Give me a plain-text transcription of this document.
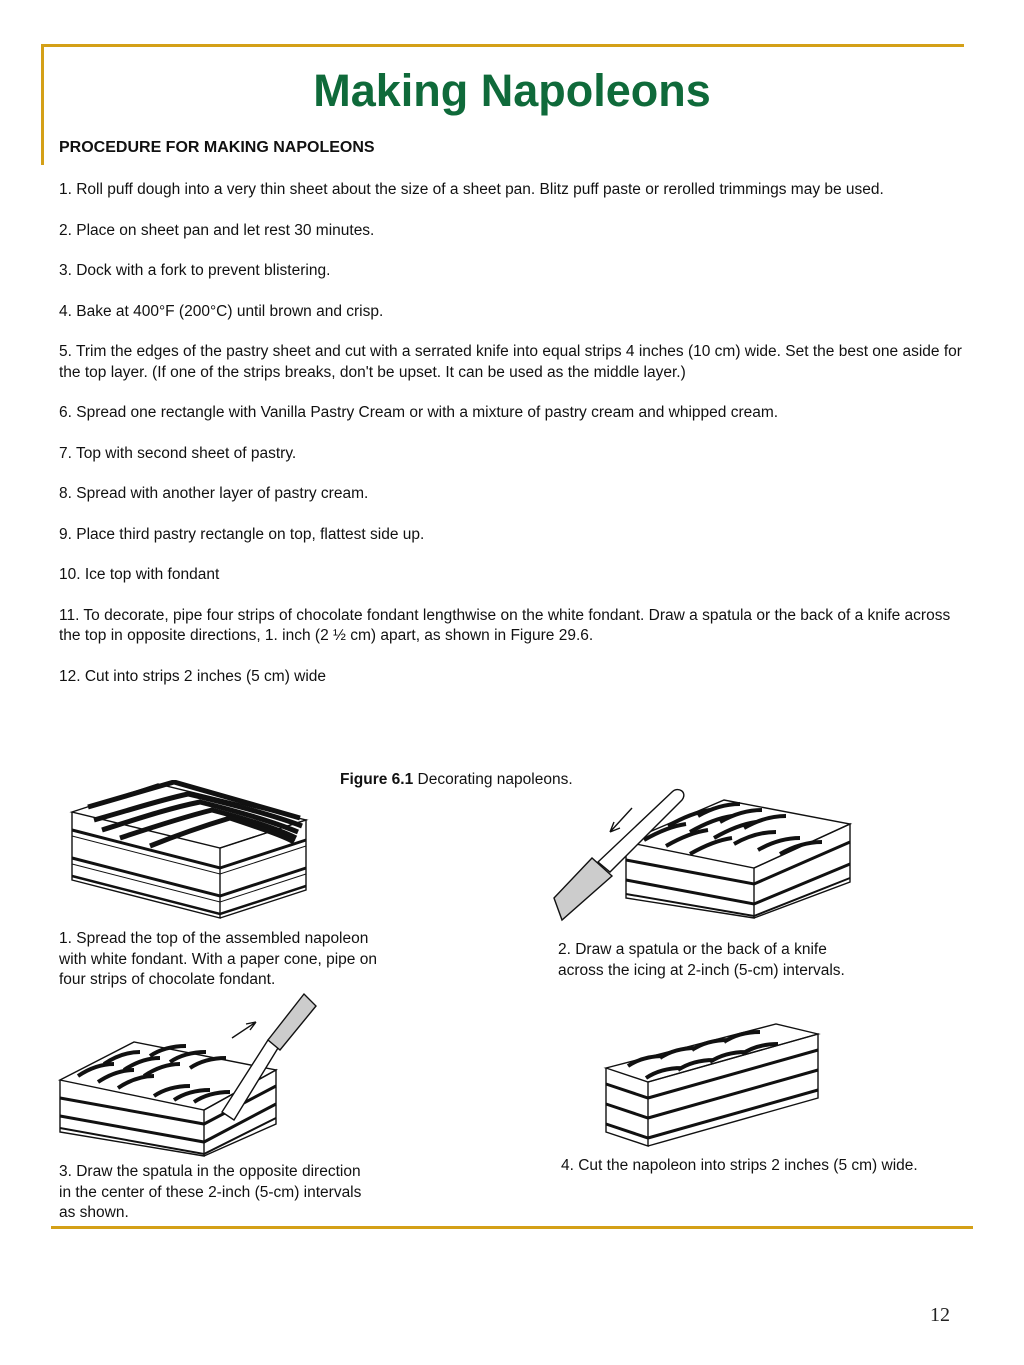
Making Napoleons
PROCEDURE FOR MAKING NAPOLEONS
1. Roll puff dough into a very thin sheet about the size of a sheet pan. Blitz puff paste or rerolled trimmings may be used.
2. Place on sheet pan and let rest 30 minutes.
3. Dock with a fork to prevent blistering.
4. Bake at 400°F (200°C) until brown and crisp.
5. Trim the edges of the pastry sheet and cut with a serrated knife into equal strips 4 inches (10 cm) wide. Set the best one aside for the top layer. (If one of the strips breaks, don't be upset. It can be used as the middle layer.)
6. Spread one rectangle with Vanilla Pastry Cream or with a mixture of pastry cream and whipped cream.
7. Top with second sheet of pastry.
8. Spread with another layer of pastry cream.
9. Place third pastry rectangle on top, flattest side up.
10. Ice top with fondant
11. To decorate, pipe four strips of chocolate fondant lengthwise on the white fondant. Draw a spatula or the back of a knife across the top in opposite directions, 1. inch (2 ½ cm) apart, as shown in Figure 29.6.
12. Cut into strips 2 inches (5 cm) wide
Figure 6.1 Decorating napoleons.
1. Spread the top of the assembled napoleon
with white fondant. With a paper cone, pipe on
four strips of chocolate fondant.
2. Draw a spatula or the back of a knife
across the icing at 2-inch (5-cm) intervals.
3. Draw the spatula in the opposite direction
in the center of these 2-inch (5-cm) intervals
as shown.
4. Cut the napoleon into strips 2 inches (5 cm) wide.
12
